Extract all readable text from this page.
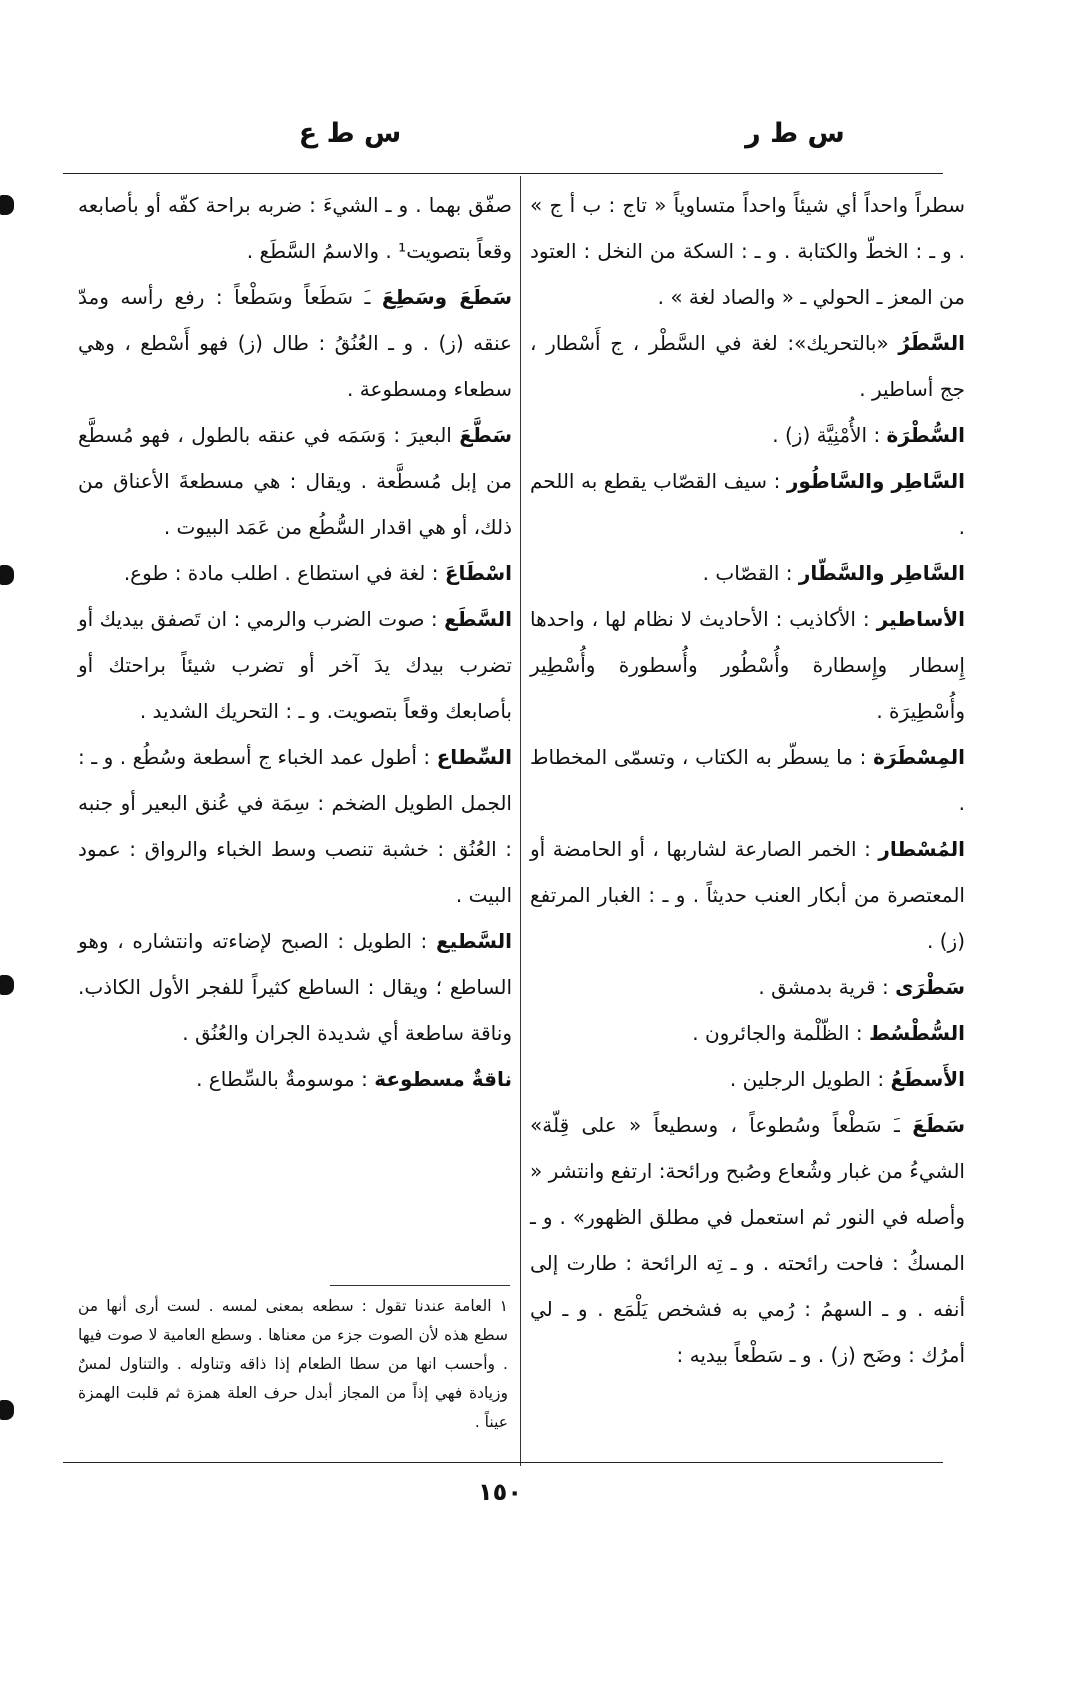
س ط ر
س ط ع

سطراً واحداً أي شيئاً واحداً متساوياً « تاج : ب أ ج » . و ـ : الخطّ والكتابة . و ـ : السكة من النخل : العتود من المعز ـ الحولي ـ « والصاد لغة » .

السَّطَرُ «بالتحريك»: لغة في السَّطْر ، ج أَسْطار ، جج أساطير .

السُّطْرَة : الأُمْنِيَّة (ز) .

السَّاطِر والسَّاطُور : سيف القصّاب يقطع به اللحم .

السَّاطِر والسَّطّار : القصّاب .

الأساطير : الأكاذيب : الأحاديث لا نظام لها ، واحدها إِسطار وإِسطارة وأُسْطُور وأُسطورة وأُسْطِير وأُسْطِيرَة .

المِسْطَرَة : ما يسطّر به الكتاب ، وتسمّى المخطاط .

المُسْطار : الخمر الصارعة لشاربها ، أو الحامضة أو المعتصرة من أبكار العنب حديثاً . و ـ : الغبار المرتفع (ز) .

سَطْرَى : قرية بدمشق .

السُّطْسُط : الظّلْمة والجائرون .

الأَسطَعُ : الطويل الرجلين .

سَطَعَ ـَ سَطْعاً وسُطوعاً ، وسطيعاً « على قِلّة» الشيءُ من غبار وشُعاع وصُبح ورائحة: ارتفع وانتشر « وأصله في النور ثم استعمل في مطلق الظهور» . و ـ المسكُ : فاحت رائحته . و ـ تِه الرائحة : طارت إلى أنفه . و ـ السهمُ : رُمي به فشخص يَلْمَع . و ـ لي أمرُك : وضَح (ز) . و ـ سَطْعاً بيديه :

صفّق بهما . و ـ الشيءَ : ضربه براحة كفّه أو بأصابعه وقعاً بتصويت¹ . والاسمُ السَّطَع .

سَطَعَ وسَطِعَ ـَ سَطَعاً وسَطْعاً : رفع رأسه ومدّ عنقه (ز) . و ـ العُنُقُ : طال (ز) فهو أَسْطع ، وهي سطعاء ومسطوعة .

سَطَّعَ البعيرَ : وَسَمَه في عنقه بالطول ، فهو مُسطَّع من إبل مُسطَّعة . ويقال : هي مسطعةَ الأعناق من ذلك، أو هي اقدار السُّطُع من عَمَد البيوت .

اسْطَاعَ : لغة في استطاع . اطلب مادة : طوع.

السَّطَع : صوت الضرب والرمي : ان تَصفق بيديك أو تضرب بيدك يدَ آخر أو تضرب شيئاً براحتك أو بأصابعك وقعاً بتصويت. و ـ : التحريك الشديد .

السِّطاع : أطول عمد الخباء ج أسطعة وسُطُع . و ـ : الجمل الطويل الضخم : سِمَة في عُنق البعير أو جنبه : العُنُق : خشبة تنصب وسط الخباء والرواق : عمود البيت .

السَّطيع : الطويل : الصبح لإضاءته وانتشاره ، وهو الساطع ؛ ويقال : الساطع كثيراً للفجر الأول الكاذب. وناقة ساطعة أي شديدة الجران والعُنُق .

ناقةٌ مسطوعة : موسومةٌ بالسِّطاع .

١ العامة عندنا تقول : سطعه بمعنى لمسه . لست أرى أنها من سطع هذه لأن الصوت جزء من معناها . وسطع العامية لا صوت فيها . وأحسب انها من سطا الطعام إذا ذاقه وتناوله . والتناول لمسٌ وزيادة فهي إذاً من المجاز أبدل حرف العلة همزة ثم قلبت الهمزة عيناً .
١٥٠
